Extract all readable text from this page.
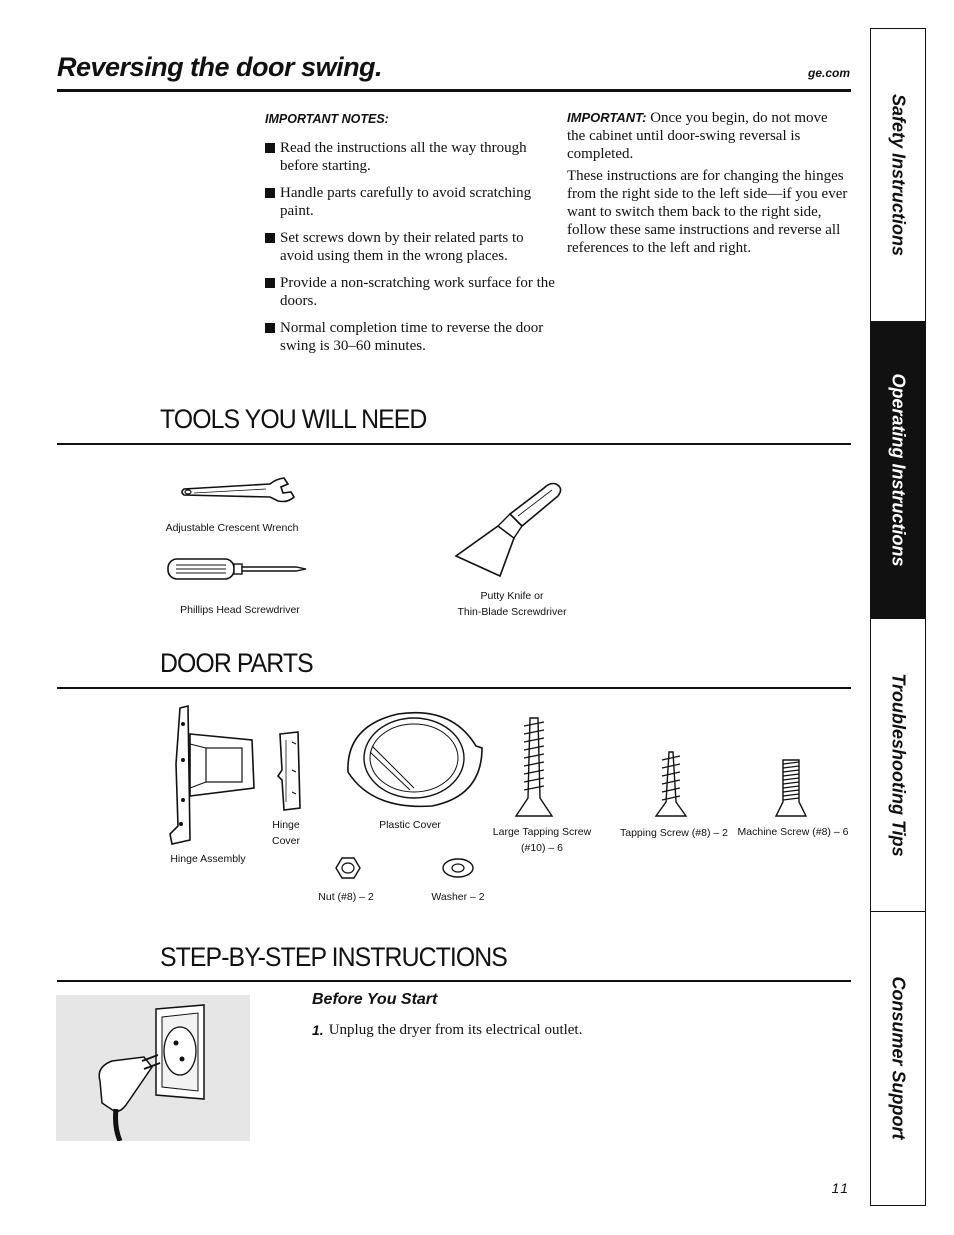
Reversing the door swing.	ge.com
IMPORTANT NOTES:
Read the instructions all the way through before starting.
Handle parts carefully to avoid scratching paint.
Set screws down by their related parts to avoid using them in the wrong places.
Provide a non-scratching work surface for the doors.
Normal completion time to reverse the door swing is 30–60 minutes.

IMPORTANT: Once you begin, do not move the cabinet until door-swing reversal is completed.

These instructions are for changing the hinges from the right side to the left side—if you ever want to switch them back to the right side, follow these same instructions and reverse all references to the left and right.

TOOLS YOU WILL NEED
Adjustable Crescent Wrench
Phillips Head Screwdriver
Putty Knife or
Thin-Blade Screwdriver
DOOR PARTS
Hinge Assembly
Hinge
Cover
Plastic Cover
Large Tapping Screw
(#10) – 6
Tapping Screw (#8) – 2 Machine Screw (#8) – 6
Nut (#8) – 2	Washer – 2
STEP-BY-STEP INSTRUCTIONS
Before You Start
1. Unplug the dryer from its electrical outlet.
11
Safety Instructions
Operating Instructions
Troubleshooting Tips
Consumer Support
